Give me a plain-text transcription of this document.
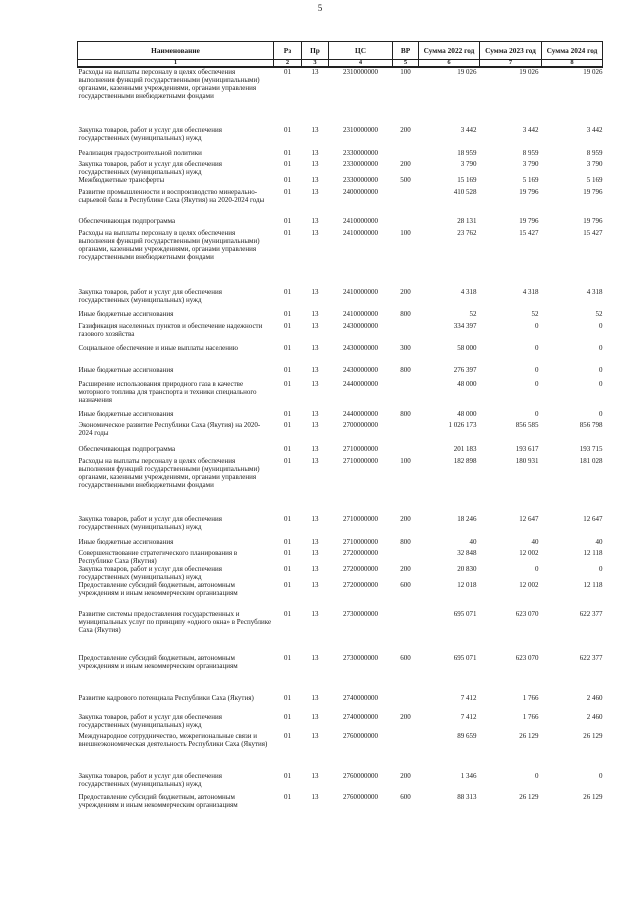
5
Наименование	Рз	Пр	ЦС	ВР	Сумма 2022 год	Сумма 2023 год	Сумма 2024 год
1	2	3	4	5	6	7	8
Расходы на выплаты персоналу в целях обеспечения выполнения функций государственными (муниципальными) органами, казенными учреждениями, органами управления государственными внебюджетными фондами	01	13	2310000000	100	19 026	19 026	19 026
Закупка товаров, работ и услуг для обеспечения государственных (муниципальных) нужд	01	13	2310000000	200	3 442	3 442	3 442
Реализация градостроительной политики	01	13	2330000000		18 959	8 959	8 959
Закупка товаров, работ и услуг для обеспечения государственных (муниципальных) нужд	01	13	2330000000	200	3 790	3 790	3 790
Межбюджетные трансферты	01	13	2330000000	500	15 169	5 169	5 169
Развитие промышленности и воспроизводство минерально-сырьевой базы в Республике Саха (Якутия) на 2020-2024 годы	01	13	2400000000		410 528	19 796	19 796
Обеспечивающая подпрограмма	01	13	2410000000		28 131	19 796	19 796
Расходы на выплаты персоналу в целях обеспечения выполнения функций государственными (муниципальными) органами, казенными учреждениями, органами управления государственными внебюджетными фондами	01	13	2410000000	100	23 762	15 427	15 427
Закупка товаров, работ и услуг для обеспечения государственных (муниципальных) нужд	01	13	2410000000	200	4 318	4 318	4 318
Иные бюджетные ассигнования	01	13	2410000000	800	52	52	52
Газификация населенных пунктов и обеспечение надежности газового хозяйства	01	13	2430000000		334 397	0	0
Социальное обеспечение и иные выплаты населению	01	13	2430000000	300	58 000	0	0
Иные бюджетные ассигнования	01	13	2430000000	800	276 397	0	0
Расширение использования природного газа в качестве моторного топлива для транспорта и техники специального назначения	01	13	2440000000		48 000	0	0
Иные бюджетные ассигнования	01	13	2440000000	800	48 000	0	0
Экономическое развитие Республики Саха (Якутия) на 2020-2024 годы	01	13	2700000000		1 026 173	856 585	856 798
Обеспечивающая подпрограмма	01	13	2710000000		201 183	193 617	193 715
Расходы на выплаты персоналу в целях обеспечения выполнения функций государственными (муниципальными) органами, казенными учреждениями, органами управления государственными внебюджетными фондами	01	13	2710000000	100	182 898	180 931	181 028
Закупка товаров, работ и услуг для обеспечения государственных (муниципальных) нужд	01	13	2710000000	200	18 246	12 647	12 647
Иные бюджетные ассигнования	01	13	2710000000	800	40	40	40
Совершенствование стратегического планирования в Республике Саха (Якутия)	01	13	2720000000		32 848	12 002	12 118
Закупка товаров, работ и услуг для обеспечения государственных (муниципальных) нужд	01	13	2720000000	200	20 830	0	0
Предоставление субсидий бюджетным, автономным учреждениям и иным некоммерческим организациям	01	13	2720000000	600	12 018	12 002	12 118
Развитие системы предоставления государственных и муниципальных услуг по принципу «одного окна» в Республике Саха (Якутия)	01	13	2730000000		695 071	623 070	622 377
Предоставление субсидий бюджетным, автономным учреждениям и иным некоммерческим организациям	01	13	2730000000	600	695 071	623 070	622 377
Развитие кадрового потенциала Республики Саха (Якутия)	01	13	2740000000		7 412	1 766	2 460
Закупка товаров, работ и услуг для обеспечения государственных (муниципальных) нужд	01	13	2740000000	200	7 412	1 766	2 460
Международное сотрудничество, межрегиональные связи и внешнеэкономическая деятельность Республики Саха (Якутия)	01	13	2760000000		89 659	26 129	26 129
Закупка товаров, работ и услуг для обеспечения государственных (муниципальных) нужд	01	13	2760000000	200	1 346	0	0
Предоставление субсидий бюджетным, автономным учреждениям и иным некоммерческим организациям	01	13	2760000000	600	88 313	26 129	26 129
